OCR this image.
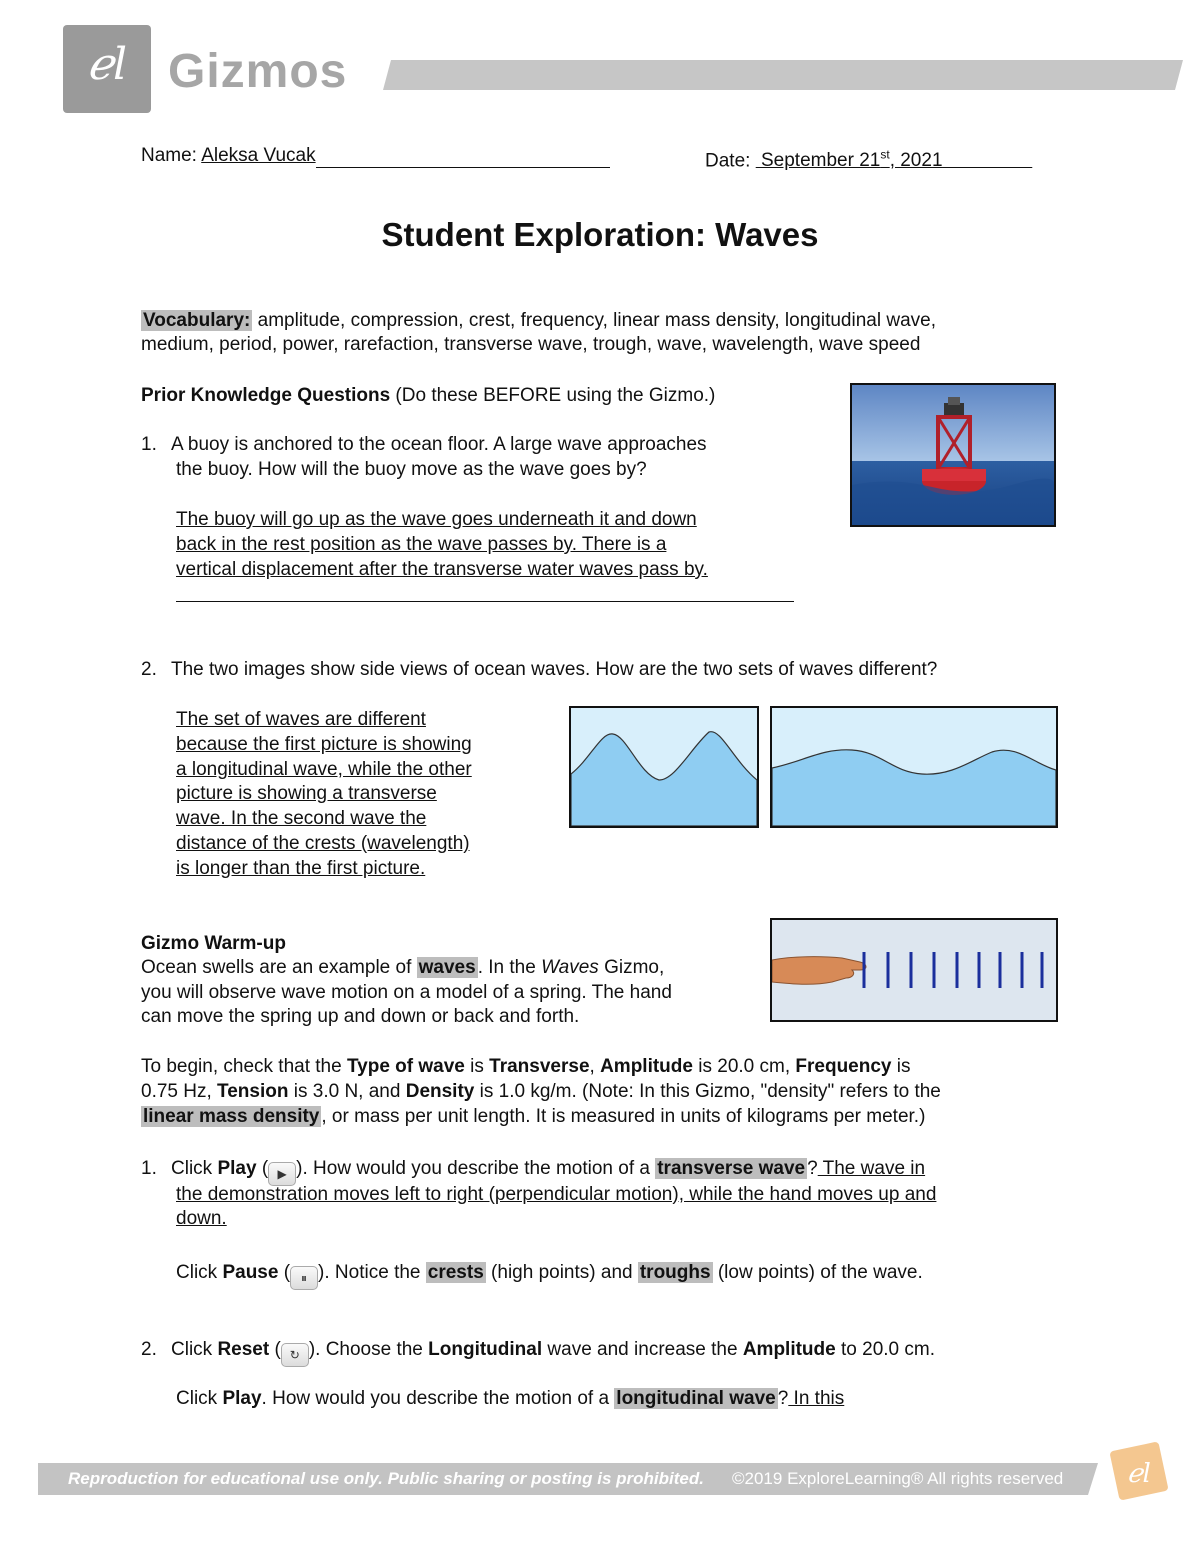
ℯl Gizmos
Name: Aleksa Vucak	Date: September 21st, 2021
Student Exploration: Waves
Vocabulary: amplitude, compression, crest, frequency, linear mass density, longitudinal wave,
medium, period, power, rarefaction, transverse wave, trough, wave, wavelength, wave speed
Prior Knowledge Questions (Do these BEFORE using the Gizmo.)
1. A buoy is anchored to the ocean floor. A large wave approaches
the buoy. How will the buoy move as the wave goes by?
The buoy will go up as the wave goes underneath it and down
back in the rest position as the wave passes by. There is a
vertical displacement after the transverse water waves pass by.
2. The two images show side views of ocean waves. How are the two sets of waves different?
The set of waves are different
because the first picture is showing
a longitudinal wave, while the other
picture is showing a transverse
wave. In the second wave the
distance of the crests (wavelength)
is longer than the first picture.
Gizmo Warm-up
Ocean swells are an example of waves . In the Waves Gizmo,
you will observe wave motion on a model of a spring. The hand
can move the spring up and down or back and forth.
To begin, check that the Type of wave is Transverse, Amplitude is 20.0 cm, Frequency is
0.75 Hz, Tension is 3.0 N, and Density is 1.0 kg/m. (Note: In this Gizmo, "density" refers to the
linear mass density , or mass per unit length. It is measured in units of kilograms per meter.)
1. Click Play ( ▶ ). How would you describe the motion of a transverse wave ? The wave in
the demonstration moves left to right (perpendicular motion), while the hand moves up and
down.
Click Pause ( ⏸ ). Notice the crests (high points) and troughs (low points) of the wave.
2. Click Reset ( ↻ ). Choose the Longitudinal wave and increase the Amplitude to 20.0 cm.
Click Play. How would you describe the motion of a longitudinal wave ? In this
Reproduction for educational use only. Public sharing or posting is prohibited. ©2019 ExploreLearning® All rights reserved ℯl
